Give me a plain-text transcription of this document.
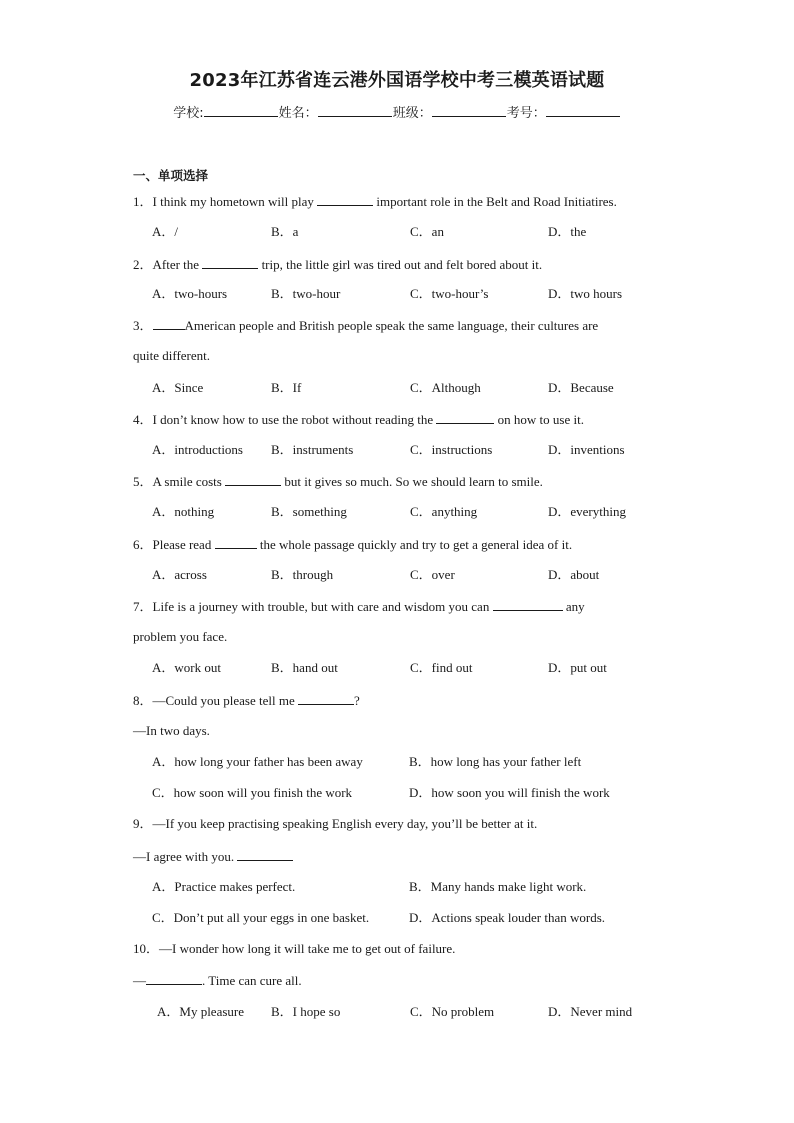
2023年江苏省连云港外国语学校中考三模英语试题
学校:	姓名：	班级：	考号：
一、单项选择
1．I think my hometown will play	important role in the Belt and Road Initiatires.
A．/	B．a	C．an	D．the
2．After the	trip, the little girl was tired out and felt bored about it.
A．two-hours	B．two-hour	C．two-hour’s	D．two hours
3． American people and British people speak the same language, their cultures are
quite different.
A．Since	B．If	C．Although	D．Because
4．I don’t know how to use the robot without reading the	on how to use it.
A．introductions B．instruments	C．instructions	D．inventions
5．A smile costs	but it gives so much. So we should learn to smile.
A．nothing	B．something	C．anything	D．everything
6．Please read	the whole passage quickly and try to get a general idea of it.
A．across	B．through	C．over	D．about
7．Life is a journey with trouble, but with care and wisdom you can	any
problem you face.
A．work out	B．hand out	C．find out	D．put out
8．—Could you please tell me	?
—In two days.
A．how long your father has been away	B．how long has your father left
C．how soon will you finish the work	D．how soon you will finish the work
9．—If you keep practising speaking English every day, you’ll be better at it.
—I agree with you.
A．Practice makes perfect.	B．Many hands make light work.
C．Don’t put all your eggs in one basket.	D．Actions speak louder than words.
10．—I wonder how long it will take me to get out of failure.
—	. Time can cure all.
A．My pleasure B．I hope so	C．No problem	D．Never mind
